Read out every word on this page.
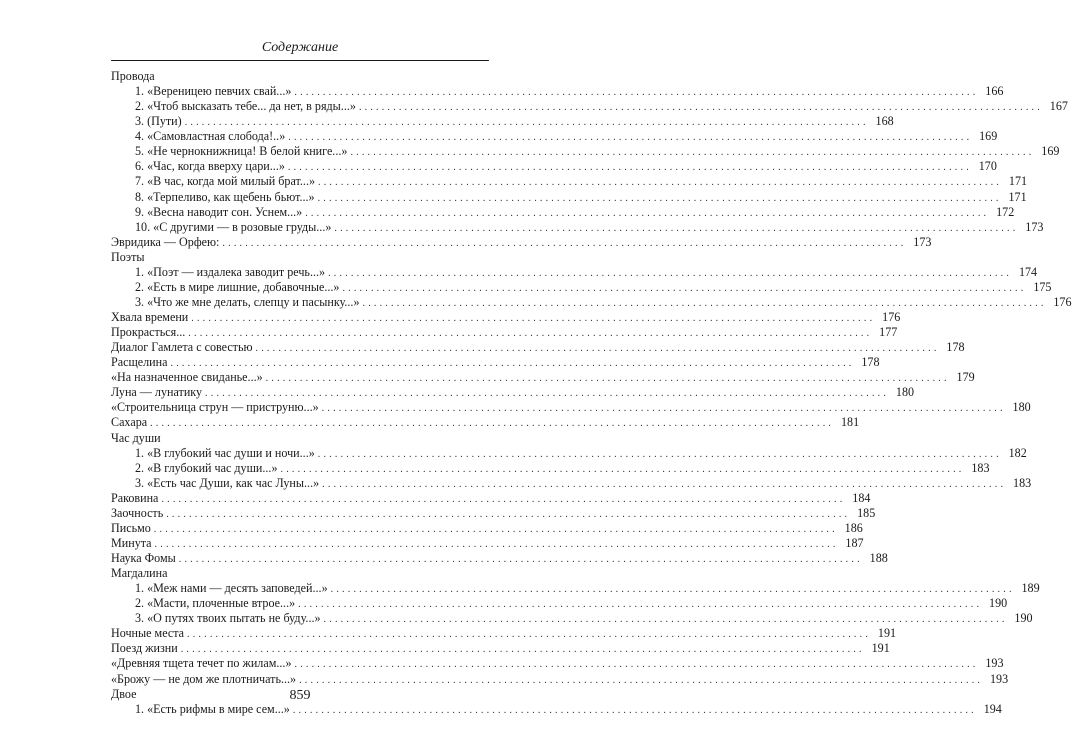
Содержание
Провода
1. «Вереницею певчих свай...» ........................................................................................................................ 166
2. «Чтоб высказать тебе... да нет, в ряды...» ........................................................................................................................ 167
3. (Пути) ........................................................................................................................ 168
4. «Самовластная слобода!..» ........................................................................................................................ 169
5. «Не чернокнижница! В белой книге...» ........................................................................................................................ 169
6. «Час, когда вверху цари...» ........................................................................................................................ 170
7. «В час, когда мой милый брат...» ........................................................................................................................ 171
8. «Терпеливо, как щебень бьют...» ........................................................................................................................ 171
9. «Весна наводит сон. Уснем...» ........................................................................................................................ 172
10. «С другими — в розовые груды...» ........................................................................................................................ 173
Эвридика — Орфею: ........................................................................................................................ 173
Поэты
1. «Поэт — издалека заводит речь...» ........................................................................................................................ 174
2. «Есть в мире лишние, добавочные...» ........................................................................................................................ 175
3. «Что же мне делать, слепцу и пасынку...» ........................................................................................................................ 176
Хвала времени ........................................................................................................................ 176
Прокрасться... ........................................................................................................................ 177
Диалог Гамлета с совестью ........................................................................................................................ 178
Расщелина ........................................................................................................................ 178
«На назначенное свиданье...» ........................................................................................................................ 179
Луна — лунатику ........................................................................................................................ 180
«Строительница струн — приструню...» ........................................................................................................................ 180
Сахара ........................................................................................................................ 181
Час души
1. «В глубокий час души и ночи...» ........................................................................................................................ 182
2. «В глубокий час души...» ........................................................................................................................ 183
3. «Есть час Души, как час Луны...» ........................................................................................................................ 183
Раковина ........................................................................................................................ 184
Заочность ........................................................................................................................ 185
Письмо ........................................................................................................................ 186
Минута ........................................................................................................................ 187
Наука Фомы ........................................................................................................................ 188
Магдалина
1. «Меж нами — десять заповедей...» ........................................................................................................................ 189
2. «Масти, плоченные втрое...» ........................................................................................................................ 190
3. «О путях твоих пытать не буду...» ........................................................................................................................ 190
Ночные места ........................................................................................................................ 191
Поезд жизни ........................................................................................................................ 191
«Древняя тщета течет по жилам...» ........................................................................................................................ 193
«Брожу — не дом же плотничать...» ........................................................................................................................ 193
Двое
1. «Есть рифмы в мире сем...» ........................................................................................................................ 194
859
